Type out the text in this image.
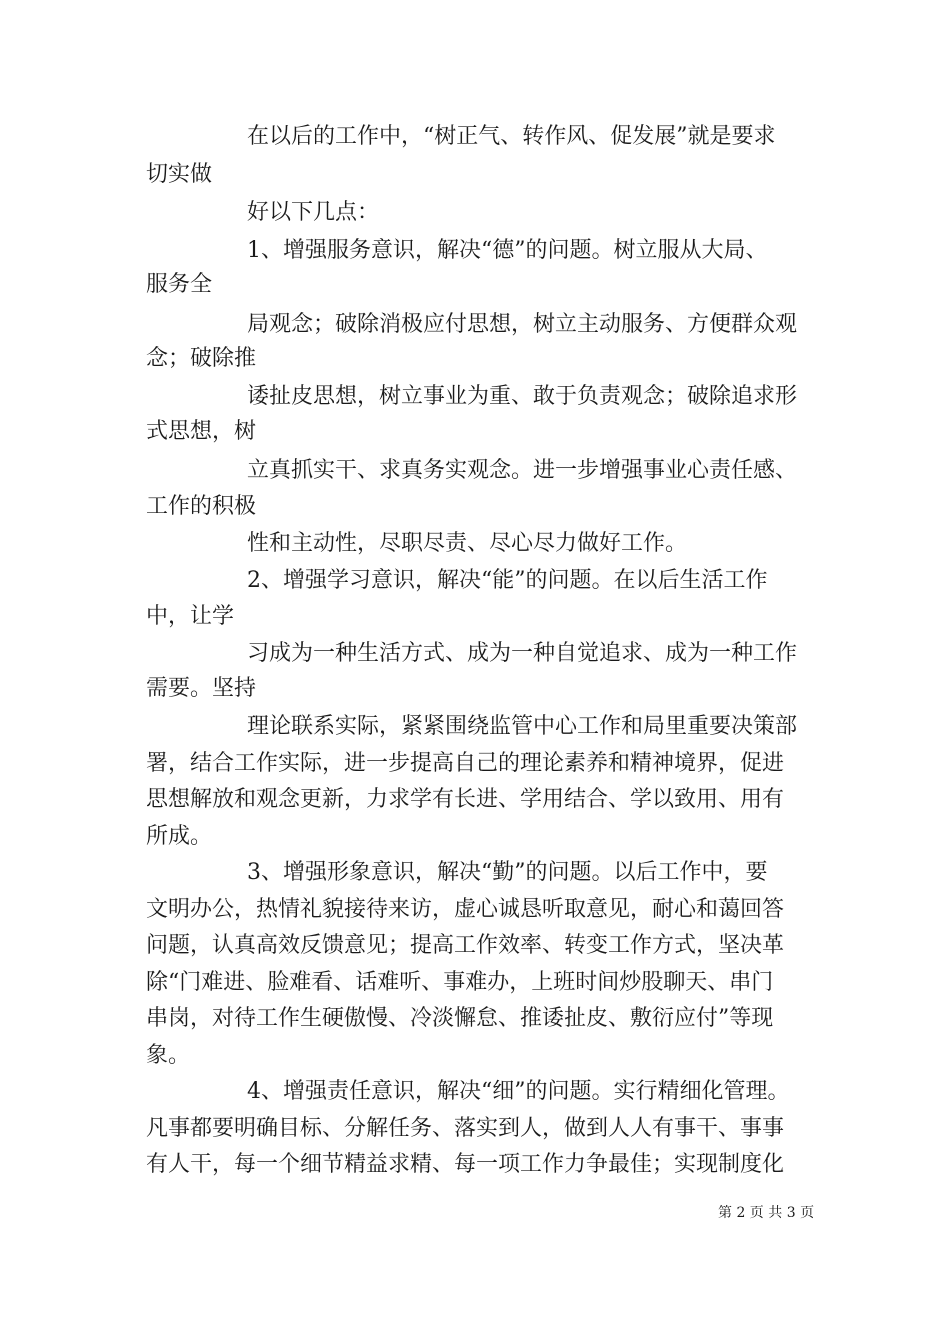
在以后的工作中，“树正气、转作风、促发展”就是要求
切实做
好以下几点：
1、增强服务意识，解决“德”的问题。树立服从大局、
服务全
局观念；破除消极应付思想，树立主动服务、方便群众观
念；破除推
诿扯皮思想，树立事业为重、敢于负责观念；破除追求形
式思想，树
立真抓实干、求真务实观念。进一步增强事业心责任感、
工作的积极
性和主动性，尽职尽责、尽心尽力做好工作。
2、增强学习意识，解决“能”的问题。在以后生活工作
中，让学
习成为一种生活方式、成为一种自觉追求、成为一种工作
需要。坚持
理论联系实际，紧紧围绕监管中心工作和局里重要决策部
署，结合工作实际，进一步提高自己的理论素养和精神境界，促进
思想解放和观念更新，力求学有长进、学用结合、学以致用、用有
所成。
3、增强形象意识，解决“勤”的问题。以后工作中，要
文明办公，热情礼貌接待来访，虚心诚恳听取意见，耐心和蔼回答
问题，认真高效反馈意见；提高工作效率、转变工作方式，坚决革
除“门难进、脸难看、话难听、事难办，上班时间炒股聊天、串门
串岗，对待工作生硬傲慢、冷淡懈怠、推诿扯皮、敷衍应付”等现
象。
4、增强责任意识，解决“细”的问题。实行精细化管理。
凡事都要明确目标、分解任务、落实到人，做到人人有事干、事事
有人干，每一个细节精益求精、每一项工作力争最佳；实现制度化
第 2 页 共 3 页
